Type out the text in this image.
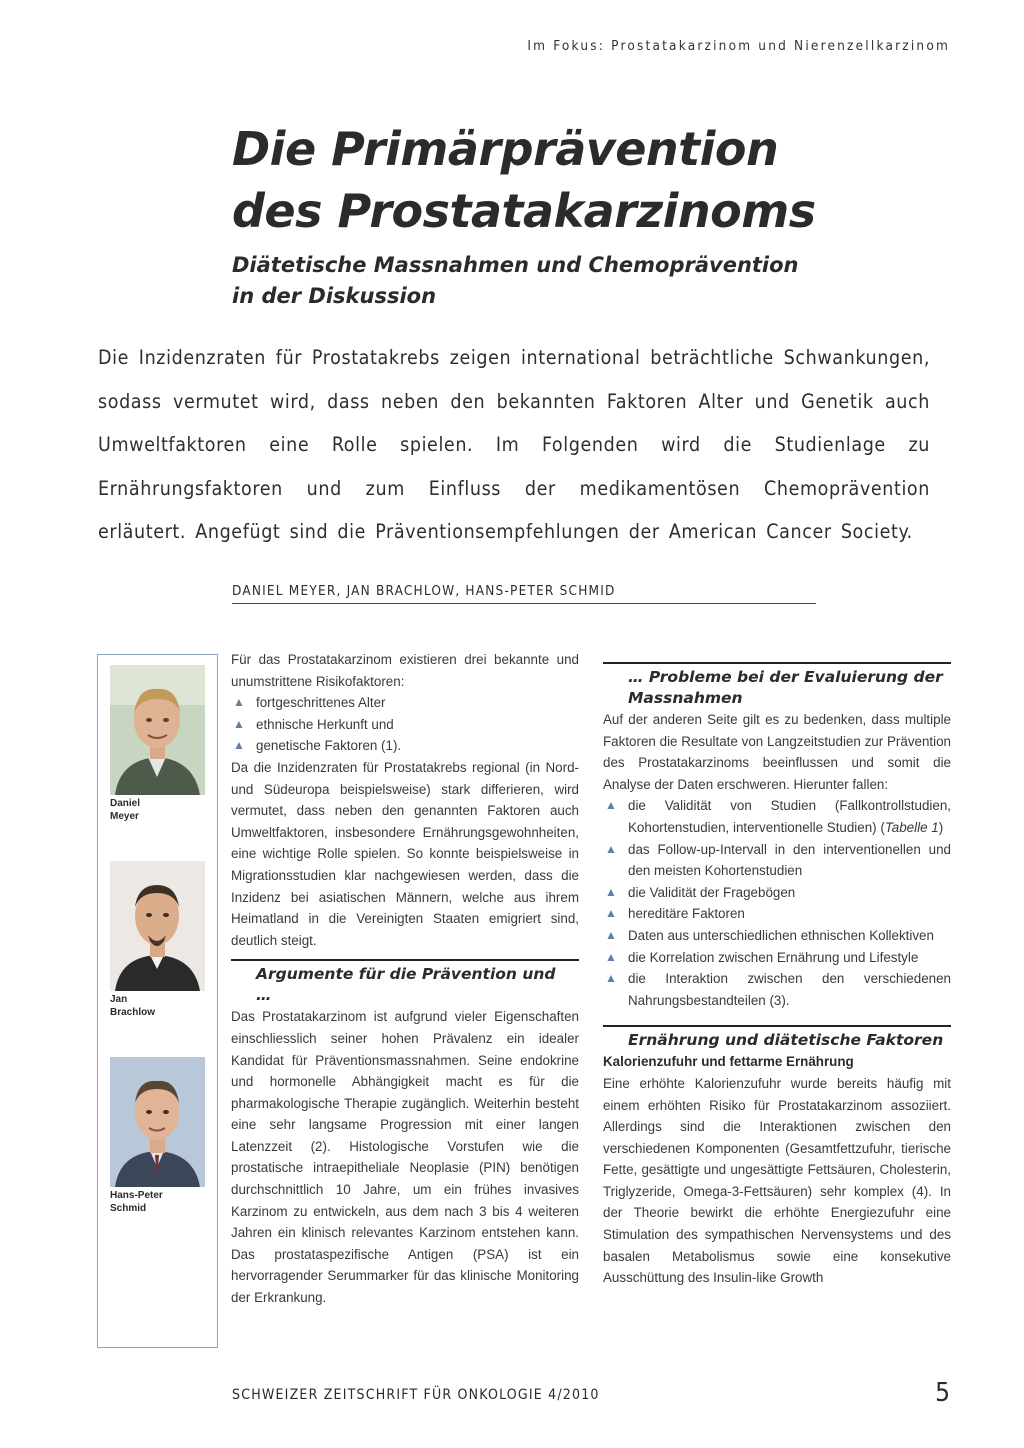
Im Fokus: Prostatakarzinom und Nierenzellkarzinom
Die Primärprävention
des Prostatakarzinoms
Diätetische Massnahmen und Chemoprävention
in der Diskussion

Die Inzidenzraten für Prostatakrebs zeigen international beträchtliche Schwankungen, sodass vermutet wird, dass neben den bekannten Faktoren Alter und Genetik auch Umweltfaktoren eine Rolle spielen. Im Folgenden wird die Studienlage zu Ernährungsfaktoren und zum Einfluss der medikamentösen Chemoprävention erläutert. Angefügt sind die Präventionsempfehlungen der American Cancer Society.

DANIEL MEYER, JAN BRACHLOW, HANS-PETER SCHMID
Daniel
Meyer
Jan
Brachlow
Hans-Peter
Schmid

Für das Prostatakarzinom existieren drei bekannte und unumstrittene Risikofaktoren:

▲ fortgeschrittenes Alter
▲ ethnische Herkunft und
▲ genetische Faktoren (1).

Da die Inzidenzraten für Prostatakrebs regional (in Nord- und Südeuropa beispielsweise) stark differieren, wird vermutet, dass neben den genannten Faktoren auch Umweltfaktoren, insbesondere Ernährungsgewohnheiten, eine wichtige Rolle spielen. So konnte beispielsweise in Migrationsstudien klar nachgewiesen werden, dass die Inzidenz bei asiatischen Männern, welche aus ihrem Heimatland in die Vereinigten Staaten emigriert sind, deutlich steigt.

Argumente für die Prävention und …

Das Prostatakarzinom ist aufgrund vieler Eigenschaften einschliesslich seiner hohen Prävalenz ein idealer Kandidat für Präventionsmassnahmen. Seine endokrine und hormonelle Abhängigkeit macht es für die pharmakologische Therapie zugänglich. Weiterhin besteht eine sehr langsame Progression mit einer langen Latenzzeit (2). Histologische Vorstufen wie die prostatische intraepitheliale Neoplasie (PIN) benötigen durchschnittlich 10 Jahre, um ein frühes invasives Karzinom zu entwickeln, aus dem nach 3 bis 4 weiteren Jahren ein klinisch relevantes Karzinom entstehen kann. Das prostataspezifische Antigen (PSA) ist ein hervorragender Serummarker für das klinische Monitoring der Erkrankung.

… Probleme bei der Evaluierung der Massnahmen

Auf der anderen Seite gilt es zu bedenken, dass multiple Faktoren die Resultate von Langzeitstudien zur Prävention des Prostatakarzinoms beeinflussen und somit die Analyse der Daten erschweren. Hierunter fallen:

▲ die Validität von Studien (Fallkontrollstudien, Kohortenstudien, interventionelle Studien) (Tabelle 1)
▲ das Follow-up-Intervall in den interventionellen und den meisten Kohortenstudien
▲ die Validität der Fragebögen
▲ hereditäre Faktoren
▲ Daten aus unterschiedlichen ethnischen Kollektiven
▲ die Korrelation zwischen Ernährung und Lifestyle
▲ die Interaktion zwischen den verschiedenen Nahrungsbestandteilen (3).
Ernährung und diätetische Faktoren
Kalorienzufuhr und fettarme Ernährung

Eine erhöhte Kalorienzufuhr wurde bereits häufig mit einem erhöhten Risiko für Prostatakarzinom assoziiert. Allerdings sind die Interaktionen zwischen den verschiedenen Komponenten (Gesamtfettzufuhr, tierische Fette, gesättigte und ungesättigte Fettsäuren, Cholesterin, Triglyzeride, Omega-3-Fettsäuren) sehr komplex (4). In der Theorie bewirkt die erhöhte Energiezufuhr eine Stimulation des sympathischen Nervensystems und des basalen Metabolismus sowie eine konsekutive Ausschüttung des Insulin-like Growth

SCHWEIZER ZEITSCHRIFT FÜR ONKOLOGIE 4/2010	5
